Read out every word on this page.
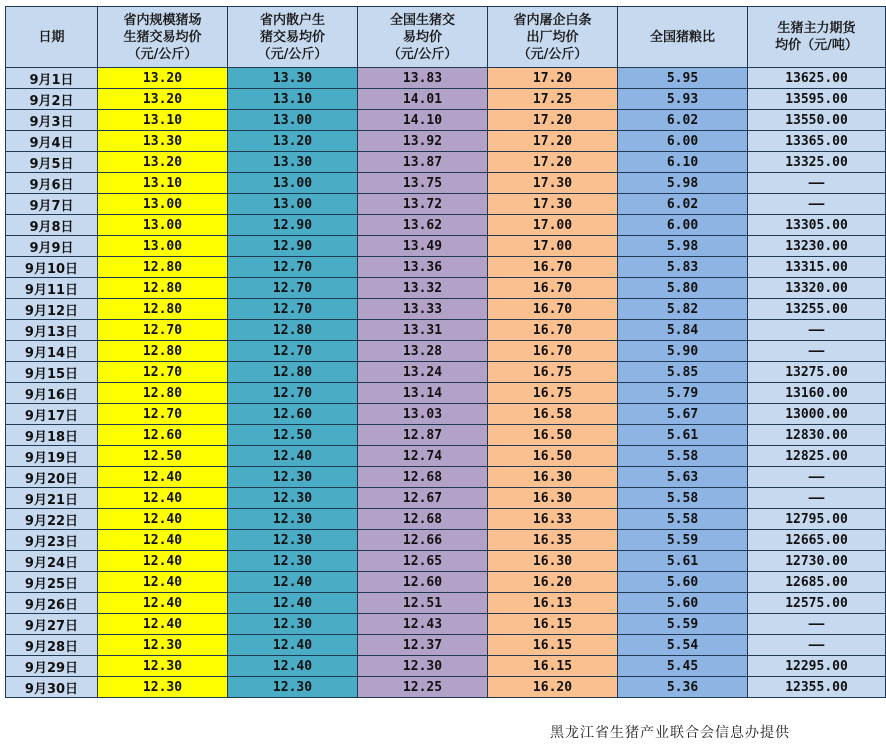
日期	省内规模猪场
生猪交易均价
（元/公斤）	省内散户生
猪交易均价
（元/公斤）	全国生猪交
易均价
（元/公斤）	省内屠企白条
出厂均价
（元/公斤）	全国猪粮比	生猪主力期货
均价（元/吨）
9月1日	13.20	13.30	13.83	17.20	5.95	13625.00
9月2日	13.20	13.10	14.01	17.25	5.93	13595.00
9月3日	13.10	13.00	14.10	17.20	6.02	13550.00
9月4日	13.30	13.20	13.92	17.20	6.00	13365.00
9月5日	13.20	13.30	13.87	17.20	6.10	13325.00
9月6日	13.10	13.00	13.75	17.30	5.98	——
9月7日	13.00	13.00	13.72	17.30	6.02	——
9月8日	13.00	12.90	13.62	17.00	6.00	13305.00
9月9日	13.00	12.90	13.49	17.00	5.98	13230.00
9月10日	12.80	12.70	13.36	16.70	5.83	13315.00
9月11日	12.80	12.70	13.32	16.70	5.80	13320.00
9月12日	12.80	12.70	13.33	16.70	5.82	13255.00
9月13日	12.70	12.80	13.31	16.70	5.84	——
9月14日	12.80	12.70	13.28	16.70	5.90	——
9月15日	12.70	12.80	13.24	16.75	5.85	13275.00
9月16日	12.80	12.70	13.14	16.75	5.79	13160.00
9月17日	12.70	12.60	13.03	16.58	5.67	13000.00
9月18日	12.60	12.50	12.87	16.50	5.61	12830.00
9月19日	12.50	12.40	12.74	16.50	5.58	12825.00
9月20日	12.40	12.30	12.68	16.30	5.63	——
9月21日	12.40	12.30	12.67	16.30	5.58	——
9月22日	12.40	12.30	12.68	16.33	5.58	12795.00
9月23日	12.40	12.30	12.66	16.35	5.59	12665.00
9月24日	12.40	12.30	12.65	16.30	5.61	12730.00
9月25日	12.40	12.40	12.60	16.20	5.60	12685.00
9月26日	12.40	12.40	12.51	16.13	5.60	12575.00
9月27日	12.40	12.30	12.43	16.15	5.59	——
9月28日	12.30	12.40	12.37	16.15	5.54	——
9月29日	12.30	12.40	12.30	16.15	5.45	12295.00
9月30日	12.30	12.30	12.25	16.20	5.36	12355.00
黑龙江省生猪产业联合会信息办提供
